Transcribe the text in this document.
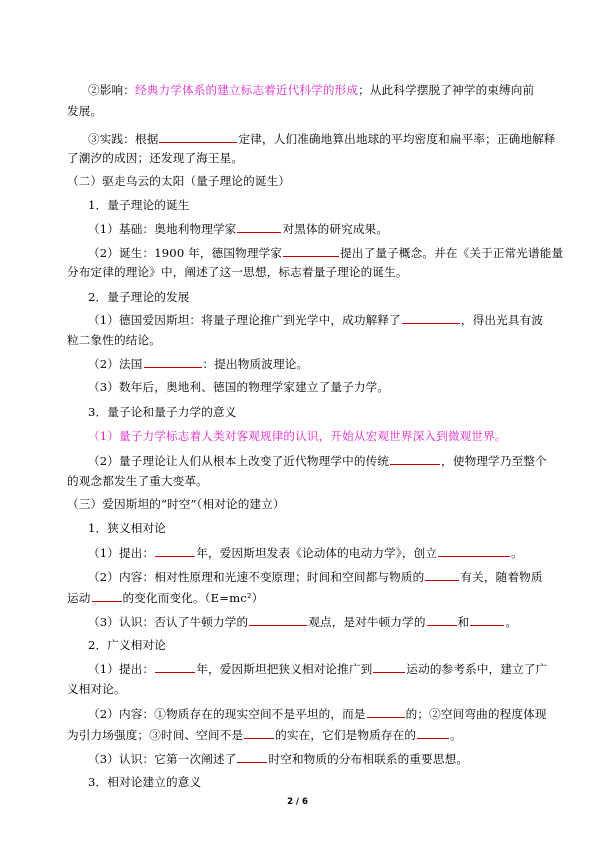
②影响：经典力学体系的建立标志着近代科学的形成；从此科学摆脱了神学的束缚向前
发展。
③实践：根据	定律，人们准确地算出地球的平均密度和扁平率；正确地解释
了潮汐的成因；还发现了海王星。
（二）驱走乌云的太阳（量子理论的诞生）
1．量子理论的诞生
（1）基础：奥地利物理学家	对黑体的研究成果。
（2）诞生：1900 年，德国物理学家	提出了量子概念。并在《关于正常光谱能量
分布定律的理论》中，阐述了这一思想，标志着量子理论的诞生。
2．量子理论的发展
（1）德国爱因斯坦：将量子理论推广到光学中，成功解释了	，得出光具有波
粒二象性的结论。
（2）法国	：提出物质波理论。
（3）数年后，奥地利、德国的物理学家建立了量子力学。
3．量子论和量子力学的意义
（1）量子力学标志着人类对客观规律的认识，开始从宏观世界深入到微观世界。
（2）量子理论让人们从根本上改变了近代物理学中的传统	，使物理学乃至整个
的观念都发生了重大变革。
（三）爱因斯坦的“时空”（相对论的建立）
1．狭义相对论
（1）提出：	年，爱因斯坦发表《论动体的电动力学》，创立	。
（2）内容：相对性原理和光速不变原理；时间和空间都与物质的	有关，随着物质
运动	的变化而变化。（E=mc²）
（3）认识：否认了牛顿力学的	观点，是对牛顿力学的	和	。
2．广义相对论
（1）提出：	年，爱因斯坦把狭义相对论推广到	运动的参考系中，建立了广
义相对论。
（2）内容：①物质存在的现实空间不是平坦的，而是	的；②空间弯曲的程度体现
为引力场强度；③时间、空间不是	的实在，它们是物质存在的	。
（3）认识：它第一次阐述了	时空和物质的分布相联系的重要思想。
3．相对论建立的意义
2 / 6
